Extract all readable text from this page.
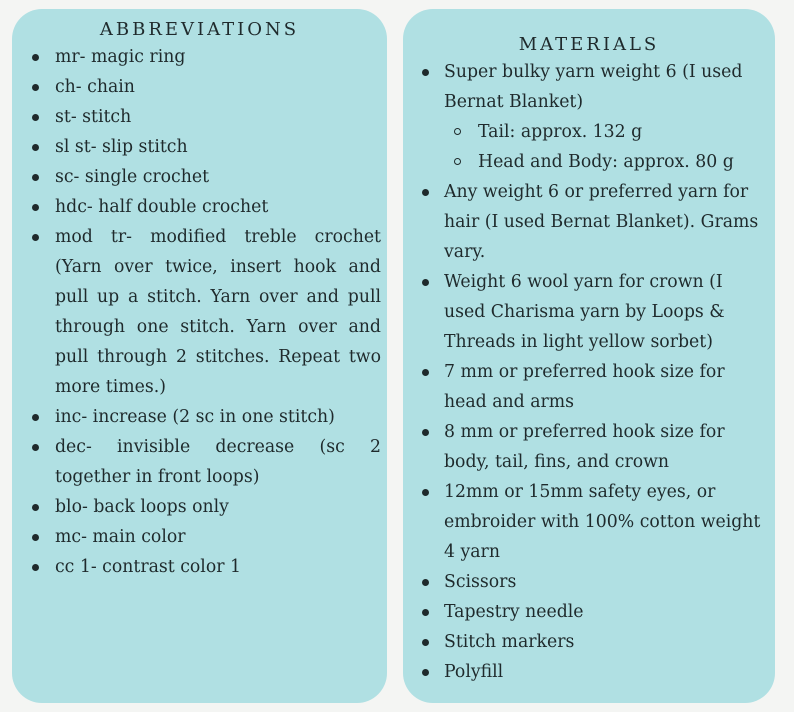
ABBREVIATIONS
mr- magic ring
ch- chain
st- stitch
sl st- slip stitch
sc- single crochet
hdc- half double crochet
mod tr- modified treble crochet (Yarn over twice, insert hook and pull up a stitch. Yarn over and pull through one stitch. Yarn over and pull through 2 stitches. Repeat two more times.)
inc- increase (2 sc in one stitch)
dec- invisible decrease (sc 2 together in front loops)
blo- back loops only
mc- main color
cc 1- contrast color 1
MATERIALS
Super bulky yarn weight 6 (I used Bernat Blanket)
Tail: approx. 132 g
Head and Body: approx. 80 g
Any weight 6 or preferred yarn for hair (I used Bernat Blanket). Grams vary.
Weight 6 wool yarn for crown (I used Charisma yarn by Loops & Threads in light yellow sorbet)
7 mm or preferred hook size for head and arms
8 mm or preferred hook size for body, tail, fins, and crown
12mm or 15mm safety eyes, or embroider with 100% cotton weight 4 yarn
Scissors
Tapestry needle
Stitch markers
Polyfill
